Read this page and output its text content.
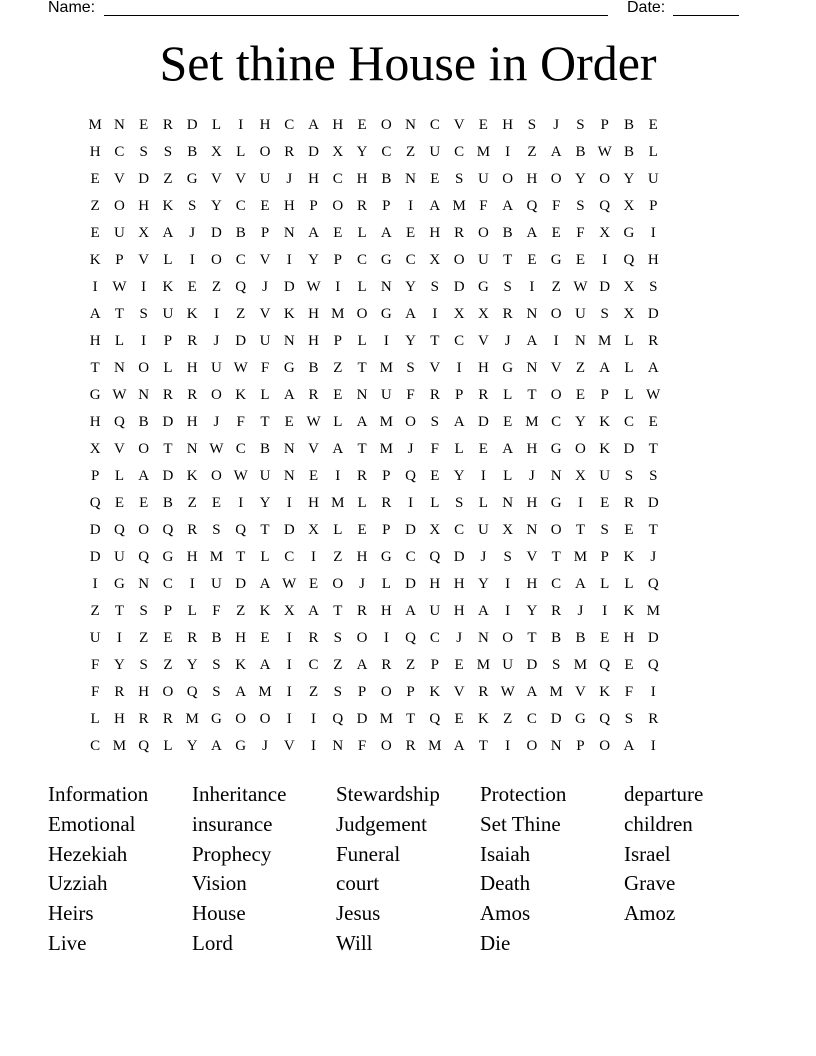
Name:	Date:
Set thine House in Order
M N E R D L	I	H C A H E O N C V E H S	J	S	P	B E
H C	S	S	B X L O R D X Y C Z U C M	I	Z A B W B L
E V D Z G V V U	J	H C H B N E	S U O H O Y O Y U
Z O H K S Y C E H P O R	P	I	A M F A Q F	S Q X P
E U X A	J	D B	P N A E	L A E H R O B A E	F X G	I
K P V L	I	O C V	I	Y P	C G C X O U T	E G E	I	Q H
I W I	K E	Z Q	J	D W I	L N Y S D G S	I	Z W D X S
A T	S U K	I	Z V K H M O G A	I	X X R N O U S X D
H L	I	P	R	J	D U N H P	L	I	Y T C V	J	A	I	N M L R
T N O L H U W F G B Z	T M S V	I	H G N V Z A L A
G W N R R O K L A R E N U F	R	P	R L	T O E	P	L W
H Q B D H	J	F	T	E W L A M O S A D E M C Y K C E
X V O T N W C B N V A T M J	F	L	E A H G O K D T
P	L A D K O W U N E	I	R	P Q E Y	I	L	J	N X U S	S
Q E	E B Z	E	I	Y	I	H M L R	I	L	S	L N H G	I	E R D
D Q O Q R	S Q T D X L	E	P D X C U X N O T	S	E	T
D U Q G H M T	L C	I	Z H G C Q D	J	S V T M P K	J
I	G N C	I	U D A W E O	J	L D H H Y	I	H C A L	L Q
Z	T	S	P	L	F	Z K X A T R H A U H A	I	Y R	J	I	K M
U	I	Z	E R B H E	I	R	S O	I	Q C	J	N O T B B E H D
F Y S	Z Y S K A	I	C Z A R Z	P	E M U D S M Q E Q
F	R H O Q S A M	I	Z	S	P O P K V R W A M V K F	I
L H R R M G O O	I	I	Q D M T Q E K Z C D G Q S	R
C M Q L Y A G	J	V	I	N F O R M A T	I	O N P O A	I
Information Inheritance Stewardship Protection	departure
Emotional	insurance	Judgement	Set Thine	children
Hezekiah	Prophecy	Funeral	Isaiah	Israel
Uzziah	Vision	court	Death	Grave
Heirs	House	Jesus	Amos	Amoz
Live	Lord	Will	Die
